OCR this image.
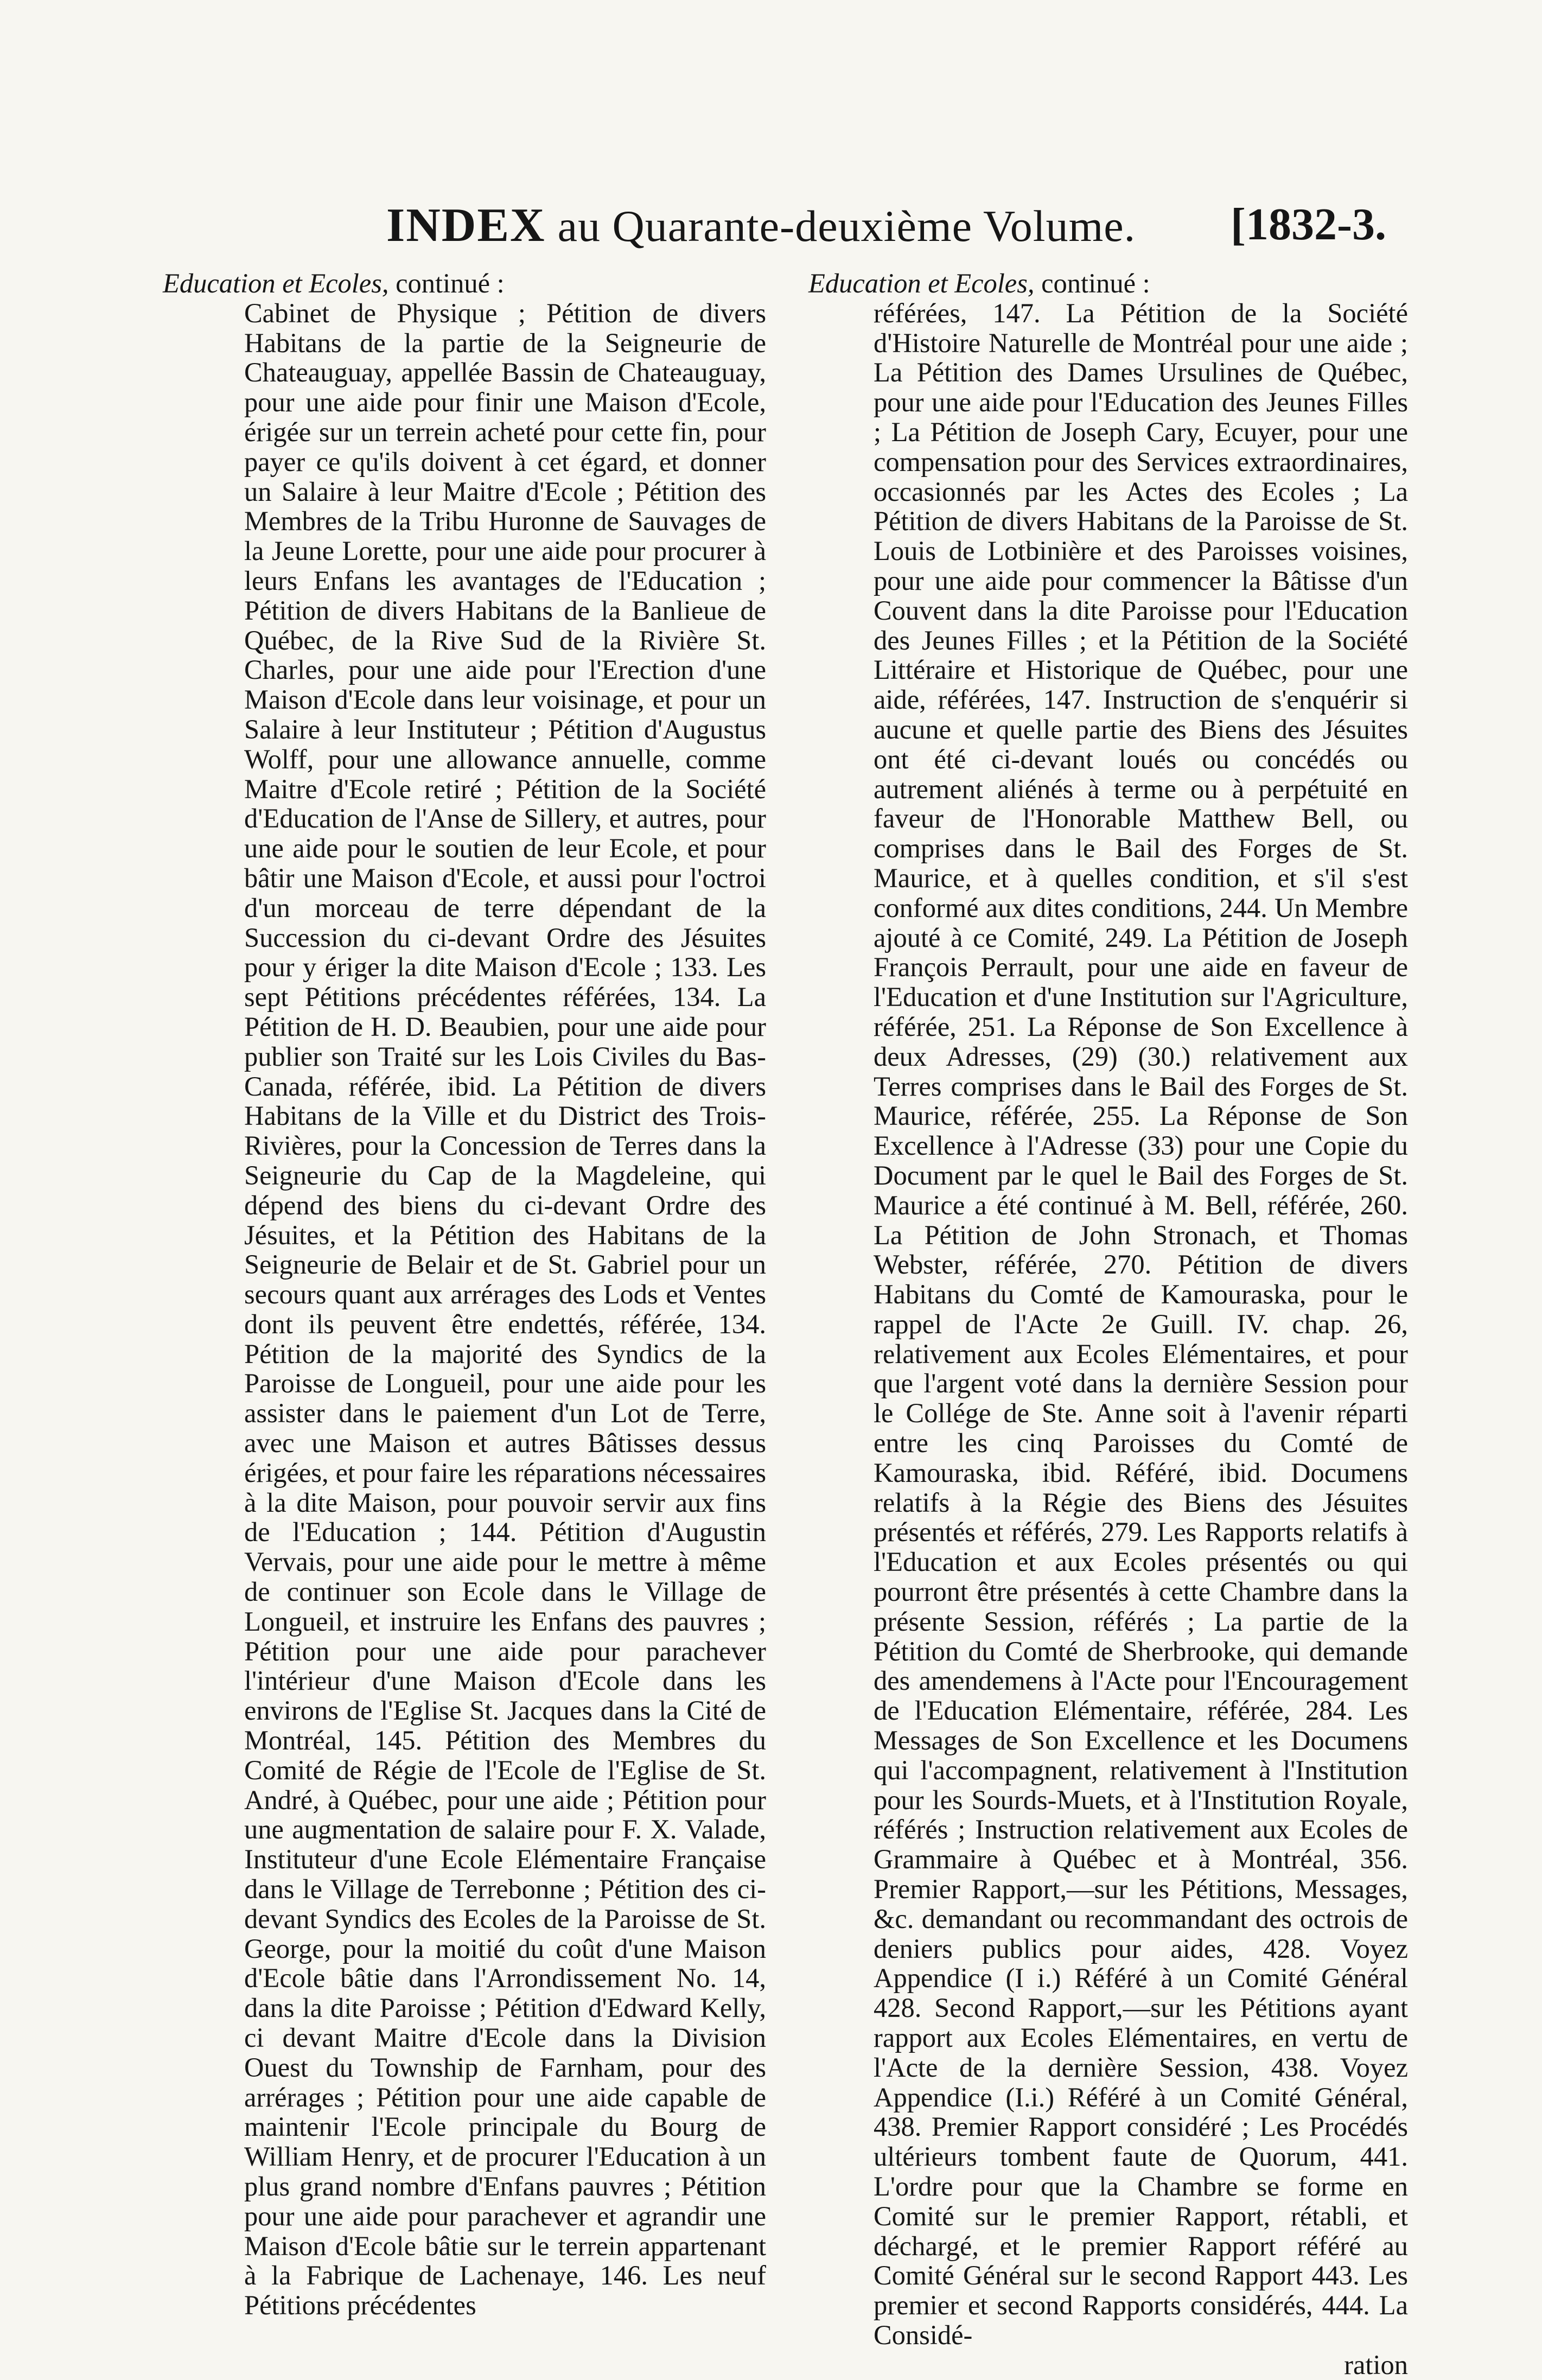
INDEX au Quarante-deuxième Volume. [1832-3.
Education et Ecoles, continué :

Cabinet de Physique ; Pétition de divers Habitans de la partie de la Seigneurie de Chateauguay, appellée Bassin de Chateauguay, pour une aide pour finir une Maison d'Ecole, érigée sur un terrein acheté pour cette fin, pour payer ce qu'ils doivent à cet égard, et donner un Salaire à leur Maitre d'Ecole ; Pétition des Membres de la Tribu Huronne de Sauvages de la Jeune Lorette, pour une aide pour procurer à leurs Enfans les avantages de l'Education ; Pétition de divers Habitans de la Banlieue de Québec, de la Rive Sud de la Rivière St. Charles, pour une aide pour l'Erection d'une Maison d'Ecole dans leur voisinage, et pour un Salaire à leur Instituteur ; Pétition d'Augustus Wolff, pour une allowance annuelle, comme Maitre d'Ecole retiré ; Pétition de la Société d'Education de l'Anse de Sillery, et autres, pour une aide pour le soutien de leur Ecole, et pour bâtir une Maison d'Ecole, et aussi pour l'octroi d'un morceau de terre dépendant de la Succession du ci-devant Ordre des Jésuites pour y ériger la dite Maison d'Ecole ; 133. Les sept Pétitions précédentes référées, 134. La Pétition de H. D. Beaubien, pour une aide pour publier son Traité sur les Lois Civiles du Bas-Canada, référée, ibid. La Pétition de divers Habitans de la Ville et du District des Trois-Rivières, pour la Concession de Terres dans la Seigneurie du Cap de la Magdeleine, qui dépend des biens du ci-devant Ordre des Jésuites, et la Pétition des Habitans de la Seigneurie de Belair et de St. Gabriel pour un secours quant aux arrérages des Lods et Ventes dont ils peuvent être endettés, référée, 134. Pétition de la majorité des Syndics de la Paroisse de Longueil, pour une aide pour les assister dans le paiement d'un Lot de Terre, avec une Maison et autres Bâtisses dessus érigées, et pour faire les réparations nécessaires à la dite Maison, pour pouvoir servir aux fins de l'Education ; 144. Pétition d'Augustin Vervais, pour une aide pour le mettre à même de continuer son Ecole dans le Village de Longueil, et instruire les Enfans des pauvres ; Pétition pour une aide pour parachever l'intérieur d'une Maison d'Ecole dans les environs de l'Eglise St. Jacques dans la Cité de Montréal, 145. Pétition des Membres du Comité de Régie de l'Ecole de l'Eglise de St. André, à Québec, pour une aide ; Pétition pour une augmentation de salaire pour F. X. Valade, Instituteur d'une Ecole Elémentaire Française dans le Village de Terrebonne ; Pétition des ci-devant Syndics des Ecoles de la Paroisse de St. George, pour la moitié du coût d'une Maison d'Ecole bâtie dans l'Arrondissement No. 14, dans la dite Paroisse ; Pétition d'Edward Kelly, ci devant Maitre d'Ecole dans la Division Ouest du Township de Farnham, pour des arrérages ; Pétition pour une aide capable de maintenir l'Ecole principale du Bourg de William Henry, et de procurer l'Education à un plus grand nombre d'Enfans pauvres ; Pétition pour une aide pour parachever et agrandir une Maison d'Ecole bâtie sur le terrein appartenant à la Fabrique de Lachenaye, 146. Les neuf Pétitions précédentes

Education et Ecoles, continué :

référées, 147. La Pétition de la Société d'Histoire Naturelle de Montréal pour une aide ; La Pétition des Dames Ursulines de Québec, pour une aide pour l'Education des Jeunes Filles ; La Pétition de Joseph Cary, Ecuyer, pour une compensation pour des Services extraordinaires, occasionnés par les Actes des Ecoles ; La Pétition de divers Habitans de la Paroisse de St. Louis de Lotbinière et des Paroisses voisines, pour une aide pour commencer la Bâtisse d'un Couvent dans la dite Paroisse pour l'Education des Jeunes Filles ; et la Pétition de la Société Littéraire et Historique de Québec, pour une aide, référées, 147. Instruction de s'enquérir si aucune et quelle partie des Biens des Jésuites ont été ci-devant loués ou concédés ou autrement aliénés à terme ou à perpétuité en faveur de l'Honorable Matthew Bell, ou comprises dans le Bail des Forges de St. Maurice, et à quelles condition, et s'il s'est conformé aux dites conditions, 244. Un Membre ajouté à ce Comité, 249. La Pétition de Joseph François Perrault, pour une aide en faveur de l'Education et d'une Institution sur l'Agriculture, référée, 251. La Réponse de Son Excellence à deux Adresses, (29) (30.) relativement aux Terres comprises dans le Bail des Forges de St. Maurice, référée, 255. La Réponse de Son Excellence à l'Adresse (33) pour une Copie du Document par le quel le Bail des Forges de St. Maurice a été continué à M. Bell, référée, 260. La Pétition de John Stronach, et Thomas Webster, référée, 270. Pétition de divers Habitans du Comté de Kamouraska, pour le rappel de l'Acte 2e Guill. IV. chap. 26, relativement aux Ecoles Elémentaires, et pour que l'argent voté dans la dernière Session pour le Collége de Ste. Anne soit à l'avenir réparti entre les cinq Paroisses du Comté de Kamouraska, ibid. Référé, ibid. Documens relatifs à la Régie des Biens des Jésuites présentés et référés, 279. Les Rapports relatifs à l'Education et aux Ecoles présentés ou qui pourront être présentés à cette Chambre dans la présente Session, référés ; La partie de la Pétition du Comté de Sherbrooke, qui demande des amendemens à l'Acte pour l'Encouragement de l'Education Elémentaire, référée, 284. Les Messages de Son Excellence et les Documens qui l'accompagnent, relativement à l'Institution pour les Sourds-Muets, et à l'Institution Royale, référés ; Instruction relativement aux Ecoles de Grammaire à Québec et à Montréal, 356. Premier Rapport,—sur les Pétitions, Messages, &c. demandant ou recommandant des octrois de deniers publics pour aides, 428. Voyez Appendice (I i.) Référé à un Comité Général 428. Second Rapport,—sur les Pétitions ayant rapport aux Ecoles Elémentaires, en vertu de l'Acte de la dernière Session, 438. Voyez Appendice (I.i.) Référé à un Comité Général, 438. Premier Rapport considéré ; Les Procédés ultérieurs tombent faute de Quorum, 441. L'ordre pour que la Chambre se forme en Comité sur le premier Rapport, rétabli, et déchargé, et le premier Rapport référé au Comité Général sur le second Rapport 443. Les premier et second Rapports considérés, 444. La Considé-

ration
